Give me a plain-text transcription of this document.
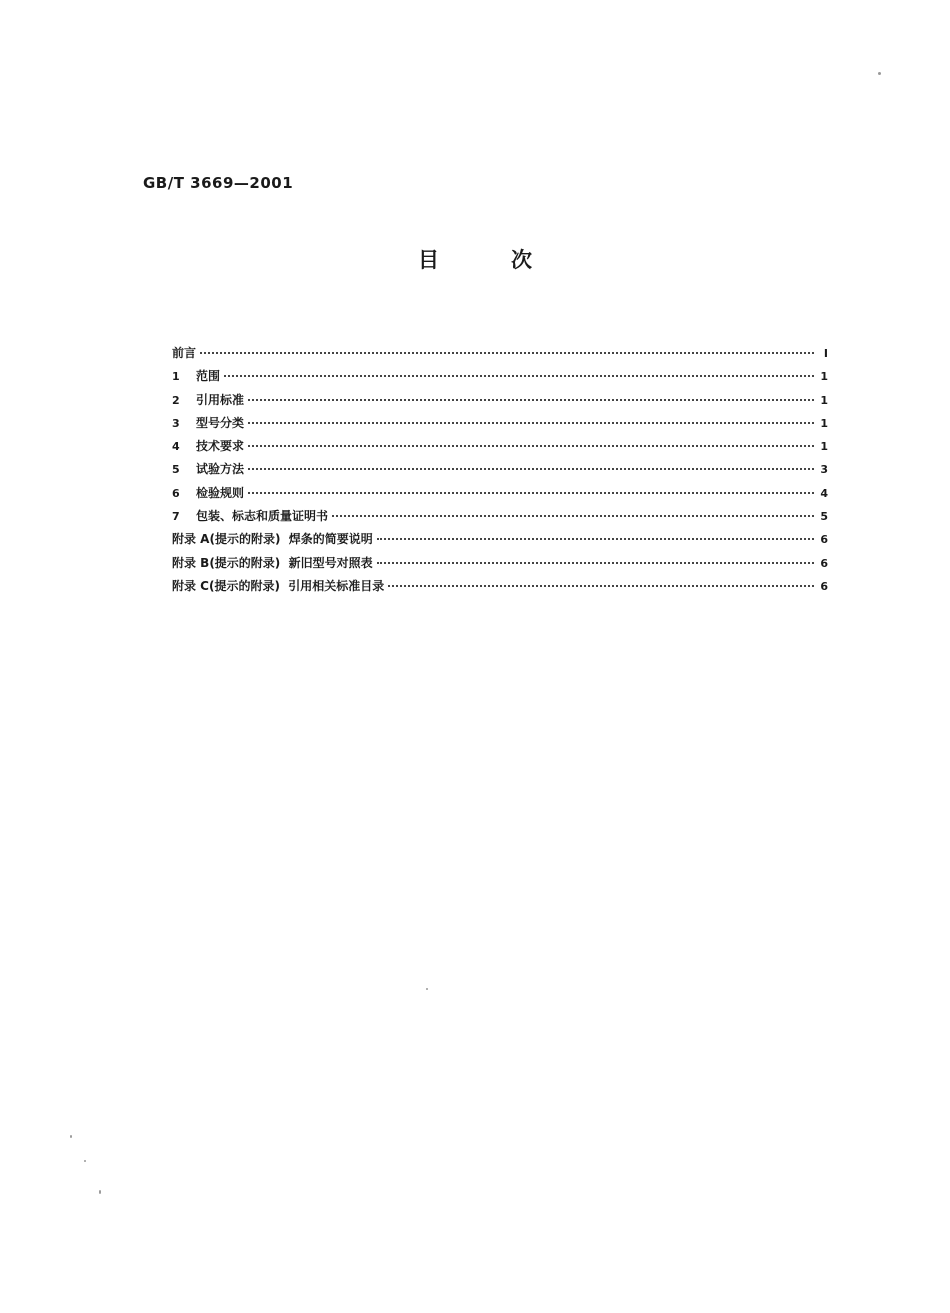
GB/T 3669—2001
目	次
前言	I
1	范围	1
2	引用标准	1
3	型号分类	1
4	技术要求	1
5	试验方法	3
6	检验规则	4
7	包装、标志和质量证明书	5
附录 A(提示的附录)  焊条的简要说明	6
附录 B(提示的附录)  新旧型号对照表	6
附录 C(提示的附录)  引用相关标准目录	6
